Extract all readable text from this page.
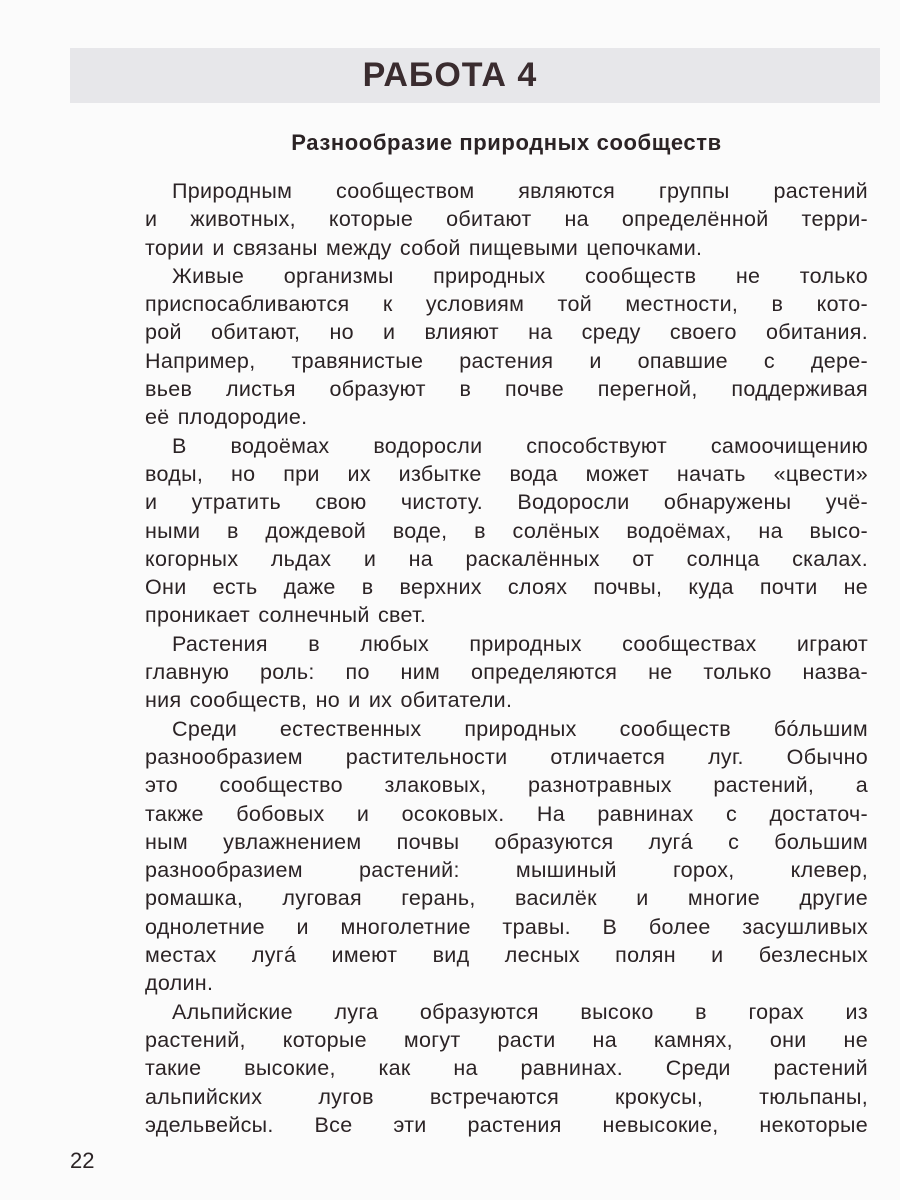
РАБОТА 4
Разнообразие природных сообществ
Природным сообществом являются группы растений
и животных, которые обитают на определённой терри-
тории и связаны между собой пищевыми цепочками.
Живые организмы природных сообществ не только
приспосабливаются к условиям той местности, в кото-
рой обитают, но и влияют на среду своего обитания.
Например, травянистые растения и опавшие с дере-
вьев листья образуют в почве перегной, поддерживая
её плодородие.
В водоёмах водоросли способствуют самоочищению
воды, но при их избытке вода может начать «цвести»
и утратить свою чистоту. Водоросли обнаружены учё-
ными в дождевой воде, в солёных водоёмах, на высо-
когорных льдах и на раскалённых от солнца скалах.
Они есть даже в верхних слоях почвы, куда почти не
проникает солнечный свет.
Растения в любых природных сообществах играют
главную роль: по ним определяются не только назва-
ния сообществ, но и их обитатели.
Среди естественных природных сообществ бóльшим
разнообразием растительности отличается луг. Обычно
это сообщество злаковых, разнотравных растений, а
также бобовых и осоковых. На равнинах с достаточ-
ным увлажнением почвы образуются лугá с большим
разнообразием растений: мышиный горох, клевер,
ромашка, луговая герань, василёк и многие другие
однолетние и многолетние травы. В более засушливых
местах лугá имеют вид лесных полян и безлесных
долин.
Альпийские луга образуются высоко в горах из
растений, которые могут расти на камнях, они не
такие высокие, как на равнинах. Среди растений
альпийских лугов встречаются крокусы, тюльпаны,
эдельвейсы. Все эти растения невысокие, некоторые
22
